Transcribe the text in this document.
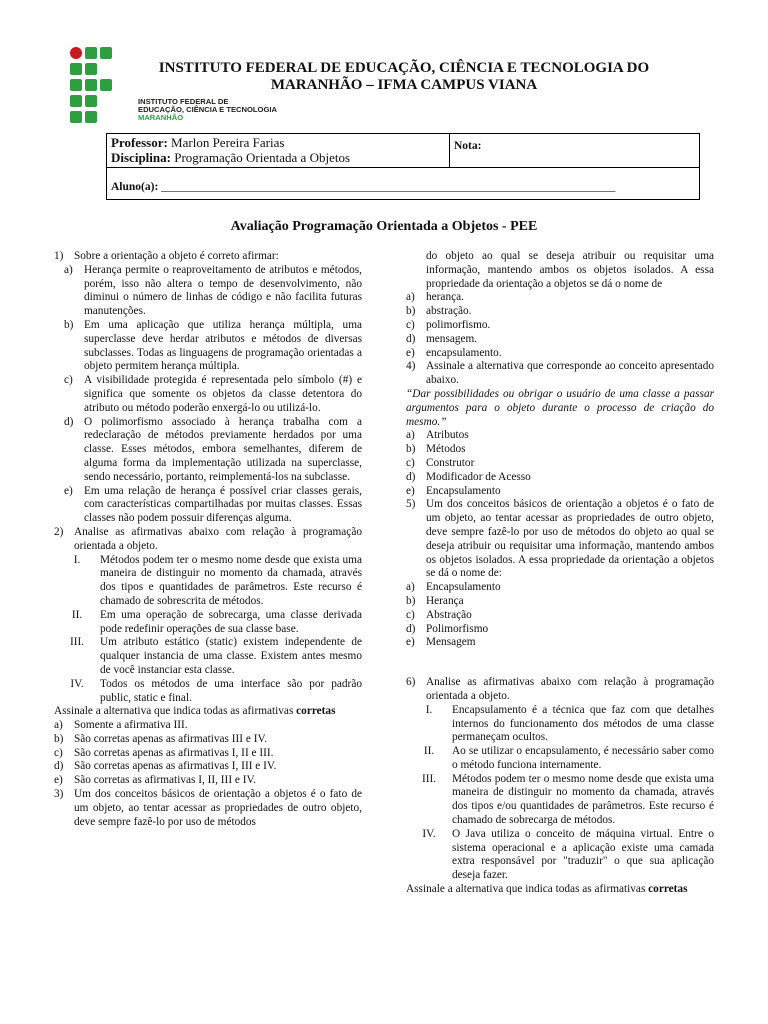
INSTITUTO FEDERAL DE
EDUCAÇÃO, CIÊNCIA E TECNOLOGIA
MARANHÃO
INSTITUTO FEDERAL DE EDUCAÇÃO, CIÊNCIA E TECNOLOGIA DO
MARANHÃO – IFMA CAMPUS VIANA
Professor: Marlon Pereira Farias
Disciplina: Programação Orientada a Objetos
Nota:
Aluno(a): _______________________________________________________________________________
Avaliação Programação Orientada a Objetos - PEE
1) Sobre a orientação a objeto é correto afirmar:
a) Herança permite o reaproveitamento de atributos e métodos, porém, isso não altera o tempo de desenvolvimento, não diminui o número de linhas de código e não facilita futuras manutenções.
b) Em uma aplicação que utiliza herança múltipla, uma superclasse deve herdar atributos e métodos de diversas subclasses. Todas as linguagens de programação orientadas a objeto permitem herança múltipla.
c) A visibilidade protegida é representada pelo símbolo (#) e significa que somente os objetos da classe detentora do atributo ou método poderão enxergá-lo ou utilizá-lo.
d) O polimorfismo associado à herança trabalha com a redeclaração de métodos previamente herdados por uma classe. Esses métodos, embora semelhantes, diferem de alguma forma da implementação utilizada na superclasse, sendo necessário, portanto, reimplementá-los na subclasse.
e) Em uma relação de herança é possível criar classes gerais, com características compartilhadas por muitas classes. Essas classes não podem possuir diferenças alguma.
2) Analise as afirmativas abaixo com relação à programação orientada a objeto.
I.	Métodos podem ter o mesmo nome desde que exista uma maneira de distinguir no momento da chamada, através dos tipos e quantidades de parâmetros. Este recurso é chamado de sobrescrita de métodos.
II.	Em uma operação de sobrecarga, uma classe derivada pode redefinir operações de sua classe base.
III.	Um atributo estático (static) existem independente de qualquer instancia de uma classe. Existem antes mesmo de você instanciar esta classe.
IV.	Todos os métodos de uma interface são por padrão public, static e final.
Assinale a alternativa que indica todas as afirmativas corretas
a) Somente a afirmativa III.
b) São corretas apenas as afirmativas III e IV.
c) São corretas apenas as afirmativas I, II e III.
d) São corretas apenas as afirmativas I, III e IV.
e) São corretas as afirmativas I, II, III e IV.
3) Um dos conceitos básicos de orientação a objetos é o fato de um objeto, ao tentar acessar as propriedades de outro objeto, deve sempre fazê-lo por uso de métodos
do objeto ao qual se deseja atribuir ou requisitar uma informação, mantendo ambos os objetos isolados. A essa propriedade da orientação a objetos se dá o nome de
a) herança.
b) abstração.
c) polimorfismo.
d) mensagem.
e) encapsulamento.
4) Assinale a alternativa que corresponde ao conceito apresentado abaixo.
“Dar possibilidades ou obrigar o usuário de uma classe a passar argumentos para o objeto durante o processo de criação do mesmo.”
a) Atributos
b) Métodos
c) Construtor
d) Modificador de Acesso
e) Encapsulamento
5) Um dos conceitos básicos de orientação a objetos é o fato de um objeto, ao tentar acessar as propriedades de outro objeto, deve sempre fazê-lo por uso de métodos do objeto ao qual se deseja atribuir ou requisitar uma informação, mantendo ambos os objetos isolados. A essa propriedade da orientação a objetos se dá o nome de:
a) Encapsulamento
b) Herança
c) Abstração
d) Polimorfismo
e) Mensagem
6) Analise as afirmativas abaixo com relação à programação orientada a objeto.
I.	Encapsulamento é a técnica que faz com que detalhes internos do funcionamento dos métodos de uma classe permaneçam ocultos.
II.	Ao se utilizar o encapsulamento, é necessário saber como o método funciona internamente.
III.	Métodos podem ter o mesmo nome desde que exista uma maneira de distinguir no momento da chamada, através dos tipos e/ou quantidades de parâmetros. Este recurso é chamado de sobrecarga de métodos.
IV.	O Java utiliza o conceito de máquina virtual. Entre o sistema operacional e a aplicação existe uma camada extra responsável por "traduzir" o que sua aplicação deseja fazer.
Assinale a alternativa que indica todas as afirmativas corretas
